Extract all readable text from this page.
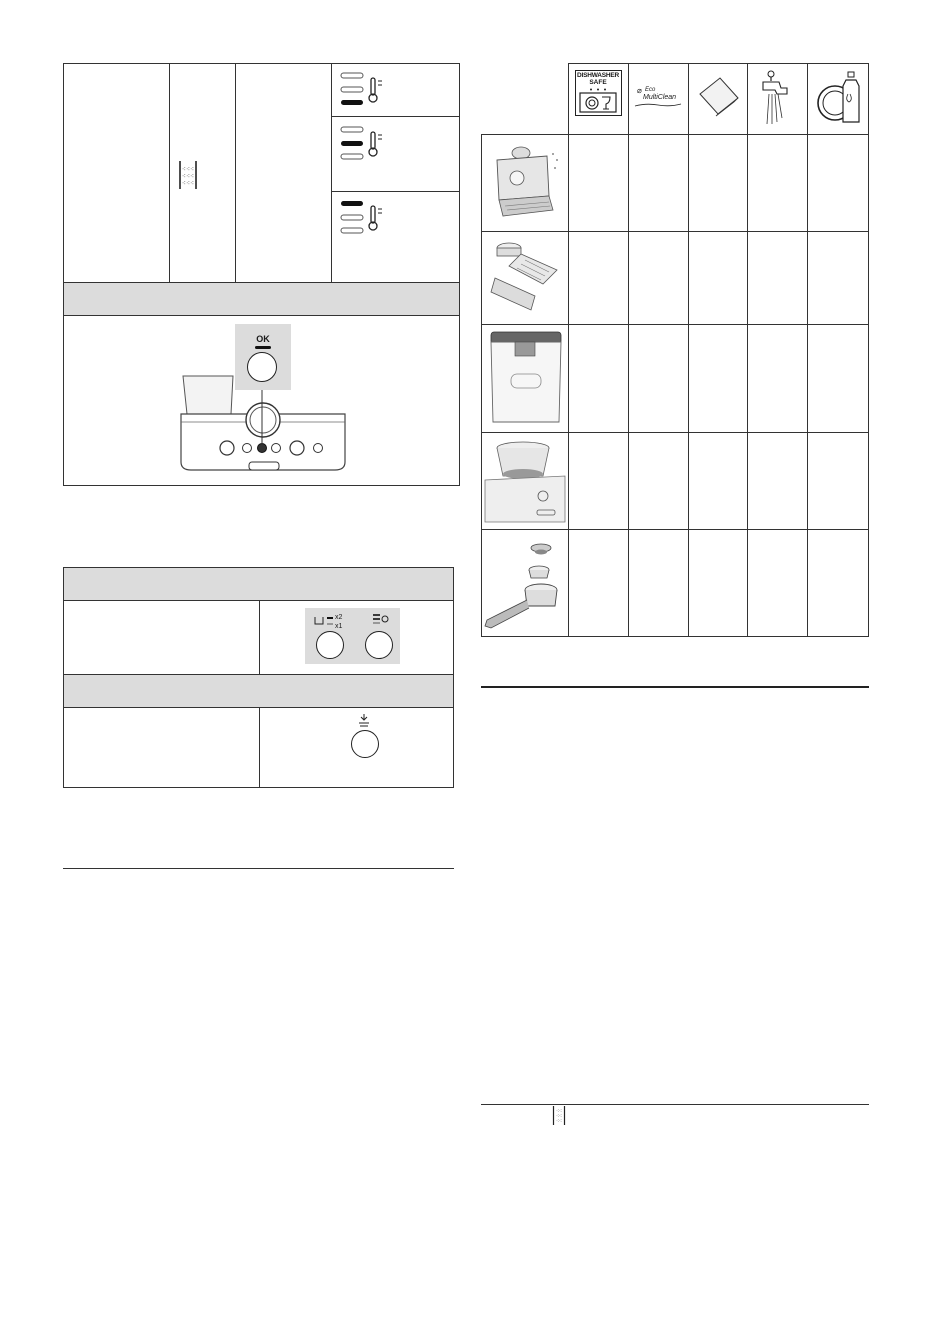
⁖⁖⁖
⁖⁖⁖
⁖⁖⁖
OK
x2
x1
DISHWASHER
SAFE
Eco
⌀
MultiClean
⁖⁖
⁖⁖
⁖⁖
